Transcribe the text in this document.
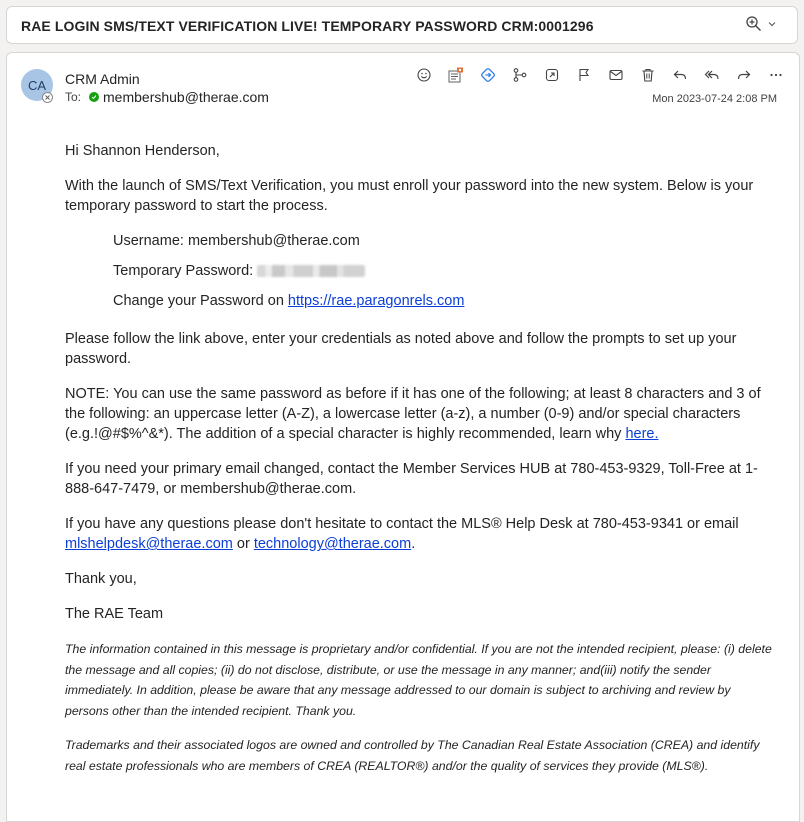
RAE LOGIN SMS/TEXT VERIFICATION LIVE! TEMPORARY PASSWORD CRM:0001296
CA CRM Admin
To: membershub@therae.com	Mon 2023-07-24 2:08 PM

Hi Shannon Henderson,

With the launch of SMS/Text Verification, you must enroll your password into the new system. Below is your temporary password to start the process.

Username: membershub@therae.com

Temporary Password:

Change your Password on https://rae.paragonrels.com

Please follow the link above, enter your credentials as noted above and follow the prompts to set up your password.

NOTE: You can use the same password as before if it has one of the following; at least 8 characters and 3 of the following: an uppercase letter (A-Z), a lowercase letter (a-z), a number (0-9) and/or special characters (e.g.!@#$%^&*). The addition of a special character is highly recommended, learn why here.

If you need your primary email changed, contact the Member Services HUB at 780-453-9329, Toll-Free at 1-888-647-7479, or membershub@therae.com.

If you have any questions please don't hesitate to contact the MLS® Help Desk at 780-453-9341 or email mlshelpdesk@therae.com or technology@therae.com.

Thank you,

The RAE Team

The information contained in this message is proprietary and/or confidential. If you are not the intended recipient, please: (i) delete the message and all copies; (ii) do not disclose, distribute, or use the message in any manner; and(iii) notify the sender immediately. In addition, please be aware that any message addressed to our domain is subject to archiving and review by persons other than the intended recipient. Thank you.

Trademarks and their associated logos are owned and controlled by The Canadian Real Estate Association (CREA) and identify real estate professionals who are members of CREA (REALTOR®) and/or the quality of services they provide (MLS®).
